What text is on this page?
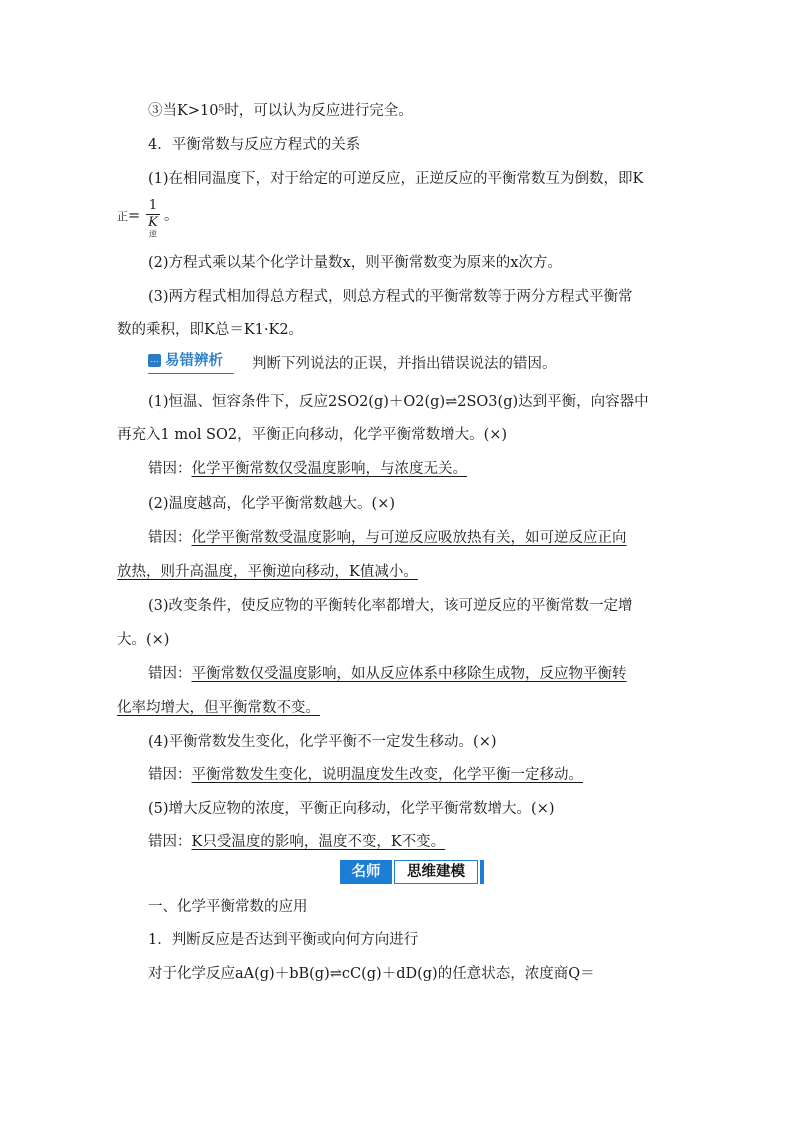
③当K>10⁵时，可以认为反应进行完全。
4．平衡常数与反应方程式的关系
(1)在相同温度下，对于给定的可逆反应，正逆反应的平衡常数互为倒数，即K
正=
1
$K^逆$
。
(2)方程式乘以某个化学计量数x，则平衡常数变为原来的x次方。
(3)两方程式相加得总方程式，则总方程式的平衡常数等于两分方程式平衡常
数的乘积，即K总＝K1·K2。
… 易错辨析 判断下列说法的正误，并指出错误说法的错因。
(1)恒温、恒容条件下，反应2SO2(g)＋O2(g)⇌2SO3(g)达到平衡，向容器中
再充入1 mol SO2，平衡正向移动，化学平衡常数增大。(×)
错因：化学平衡常数仅受温度影响，与浓度无关。
(2)温度越高，化学平衡常数越大。(×)
错因：化学平衡常数受温度影响，与可逆反应吸放热有关，如可逆反应正向
放热，则升高温度，平衡逆向移动，K值减小。
(3)改变条件，使反应物的平衡转化率都增大，该可逆反应的平衡常数一定增
大。(×)
错因：平衡常数仅受温度影响，如从反应体系中移除生成物，反应物平衡转
化率均增大，但平衡常数不变。
(4)平衡常数发生变化，化学平衡不一定发生移动。(×)
错因：平衡常数发生变化，说明温度发生改变，化学平衡一定移动。
(5)增大反应物的浓度，平衡正向移动，化学平衡常数增大。(×)
错因：K只受温度的影响，温度不变，K不变。
名师	思维建模
一、化学平衡常数的应用
1．判断反应是否达到平衡或向何方向进行
对于化学反应aA(g)＋bB(g)⇌cC(g)＋dD(g)的任意状态，浓度商Q＝
